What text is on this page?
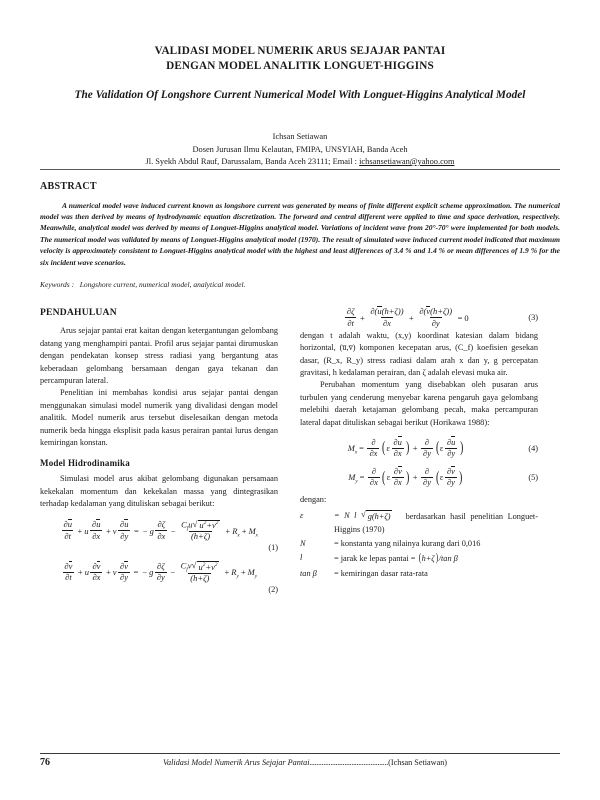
VALIDASI MODEL NUMERIK ARUS SEJAJAR PANTAI
DENGAN MODEL ANALITIK LONGUET-HIGGINS
The Validation Of Longshore Current Numerical Model With Longuet-Higgins Analytical Model
Ichsan Setiawan
Dosen Jurusan Ilmu Kelautan, FMIPA, UNSYIAH, Banda Aceh
Jl. Syekh Abdul Rauf, Darussalam, Banda Aceh 23111; Email : ichsansetiawan@yahoo.com
ABSTRACT
A numerical model wave induced current known as longshore current was generated by means of finite different explicit scheme approximation. The numerical model was then derived by means of hydrodynamic equation discretization. The forward and central different were applied to time and space derivation, respectively. Meanwhile, analytical model was derived by means of Longuet-Higgins analytical model. Variations of incident wave from 20°-70° were implemented for both models. The numerical model was validated by means of Longuet-Higgins analytical model (1970). The result of simulated wave induced current model indicated that maximum velocity is approximately consistent to Longuet-Higgins analytical model with the highest and least differences of 3.4 % and 1.4 % or mean differences of 1.9 % for the six incident wave scenarios.
Keywords : Longshore current, numerical model, analytical model.
PENDAHULUAN

Arus sejajar pantai erat kaitan dengan ketergantungan gelombang datang yang menghampiri pantai. Profil arus sejajar pantai dirumuskan dengan pendekatan konsep stress radiasi yang bergantung atas keberadaan gelombang bersamaan dengan gaya tekanan dan percampuran lateral.

Penelitian ini membahas kondisi arus sejajar pantai dengan menggunakan simulasi model numerik yang divalidasi dengan model analitik. Model numerik arus tersebut diselesaikan dengan metoda numerik beda hingga eksplisit pada kasus perairan pantai lurus dengan kemiringan konstan.

Model Hidrodinamika

Simulasi model arus akibat gelombang digunakan persamaan kekekalan momentum dan kekekalan massa yang dintegrasikan terhadap kedalaman yang dituliskan sebagai berikut:

$\frac{\partial u}{\partial t} + u \frac{\partial u}{\partial x} + v \frac{\partial u}{\partial y}$ = − g $\frac{\partial\zeta}{\partial x} - \frac{C_fu √ u^2+v^2}{(h+\zeta)} + R_x + M_x$
(1)
$\frac{\partial v}{\partial t} + u \frac{\partial v}{\partial x} + v \frac{\partial v}{\partial y}$ = − g $\frac{\partial\zeta}{\partial y} - \frac{C_fv √ u^2+v^2}{(h+\zeta)} + R_y + M_y$
(2)
$\frac{\partial\zeta}{\partial t} + \frac{\partial(u(h+\zeta))}{\partial x} + \frac{\partial(v(h+\zeta))}{\partial y} = 0$	(3)

dengan t adalah waktu, (x,y) koordinat katesian dalam bidang horizontal, (u̅,v̅) komponen kecepatan arus, (C_f) koefisien gesekan dasar, (R_x, R_y) stress radiasi dalam arah x dan y, g percepatan gravitasi, h kedalaman perairan, dan ζ adalah elevasi muka air.

Perubahan momentum yang disebabkan oleh pusaran arus turbulen yang cenderung menyebar karena pengaruh gaya gelombang melebihi daerah ketajaman gelombang pecah, maka percampuran lateral dapat dituliskan sebagai berikut (Horikawa 1988):

$M_x = \frac{\partial}{\partial x}$ ( ε $\frac{\partial u}{\partial x}$ ) + $\frac{\partial}{\partial y}$ ( ε $\frac{\partial u}{\partial y}$ )	(4)
$M_y = \frac{\partial}{\partial x}$ ( ε $\frac{\partial v}{\partial x}$ ) + $\frac{\partial}{\partial y}$ ( ε $\frac{\partial v}{\partial y}$ )	(5)
dengan:
ε	= N l √ g(h+ζ) berdasarkan hasil penelitian Longuet-Higgins (1970)
N	= konstanta yang nilainya kurang dari 0,016
l	= jarak ke lepas pantai = (h+ζ)/tan β
tan β	= kemiringan dasar rata-rata
76	Validasi Model Numerik Arus Sejajar Pantai.............................................(Ichsan Setiawan)
